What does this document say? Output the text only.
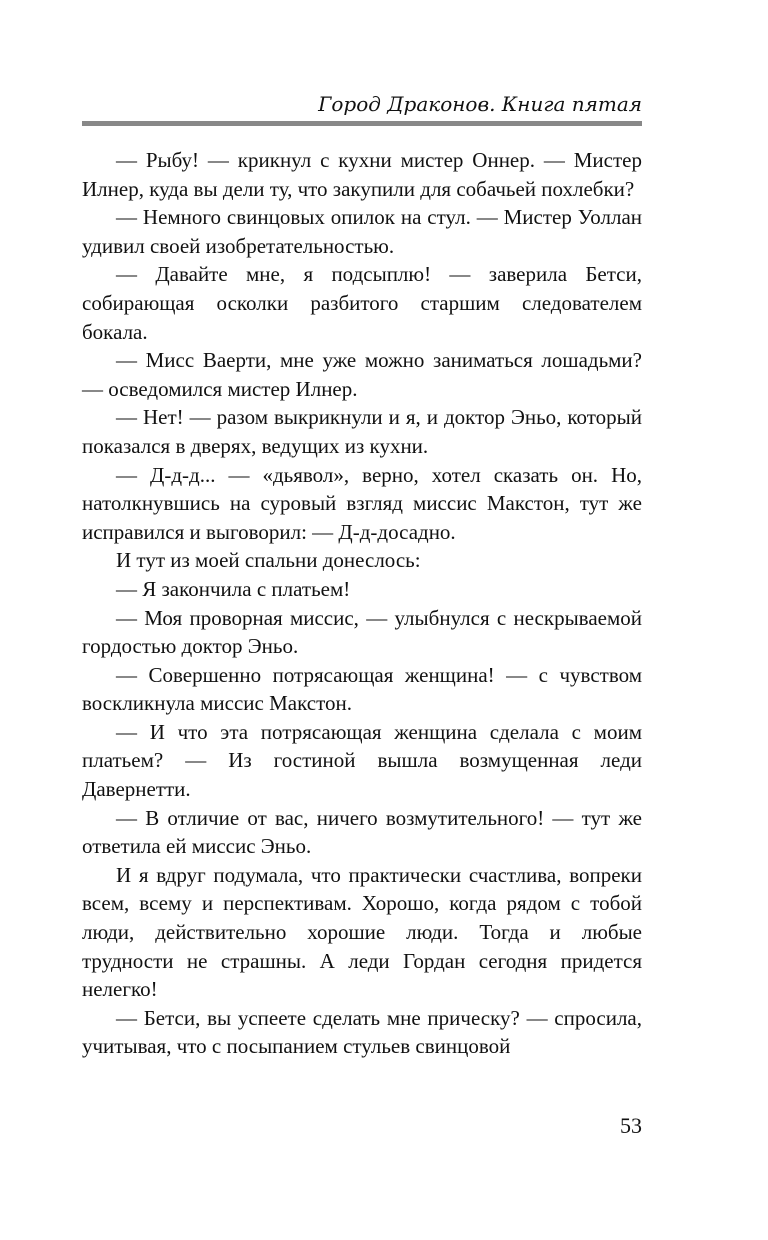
Город Драконов. Книга пятая

— Рыбу! — крикнул с кухни мистер Оннер. — Мистер Илнер, куда вы дели ту, что закупили для собачьей похлебки?

— Немного свинцовых опилок на стул. — Мистер Уоллан удивил своей изобретательностью.

— Давайте мне, я подсыплю! — заверила Бетси, собирающая осколки разбитого старшим следователем бокала.

— Мисс Ваерти, мне уже можно заниматься лошадьми? — осведомился мистер Илнер.

— Нет! — разом выкрикнули и я, и доктор Эньо, который показался в дверях, ведущих из кухни.

— Д-д-д... — «дьявол», верно, хотел сказать он. Но, натолкнувшись на суровый взгляд миссис Макстон, тут же исправился и выговорил: — Д-д-досадно.

И тут из моей спальни донеслось:

— Я закончила с платьем!

— Моя проворная миссис, — улыбнулся с нескрываемой гордостью доктор Эньо.

— Совершенно потрясающая женщина! — с чувством воскликнула миссис Макстон.

— И что эта потрясающая женщина сделала с моим платьем? — Из гостиной вышла возмущенная леди Давернетти.

— В отличие от вас, ничего возмутительного! — тут же ответила ей миссис Эньо.

И я вдруг подумала, что практически счастлива, вопреки всем, всему и перспективам. Хорошо, когда рядом с тобой люди, действительно хорошие люди. Тогда и любые трудности не страшны. А леди Гордан сегодня придется нелегко!

— Бетси, вы успеете сделать мне прическу? — спросила, учитывая, что с посыпанием стульев свинцовой

53
